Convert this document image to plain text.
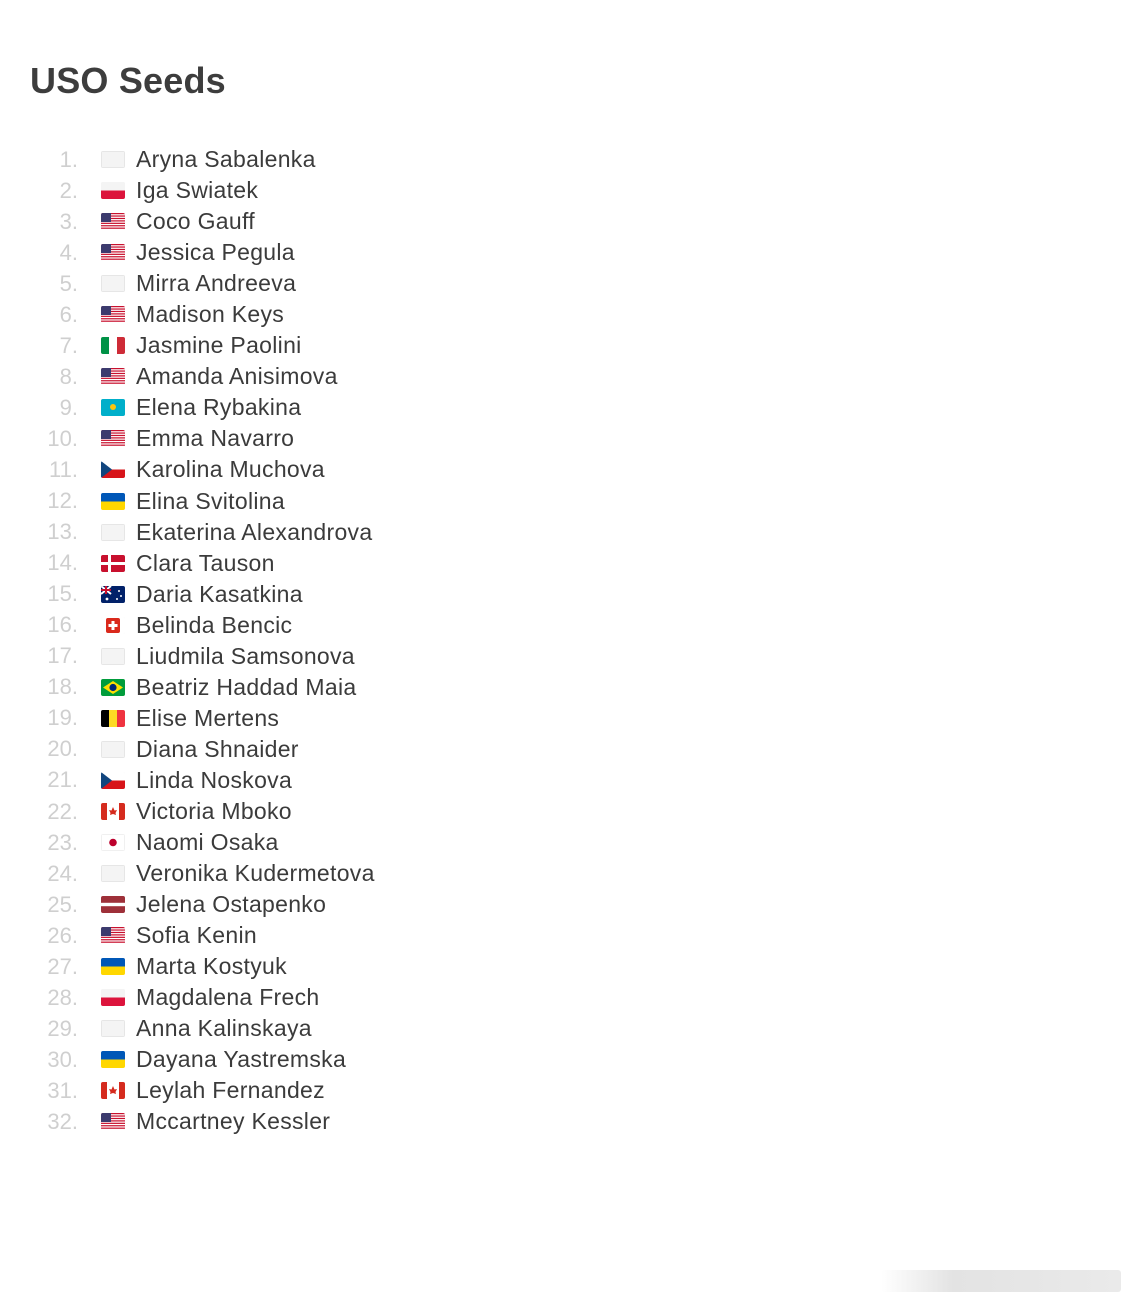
USO Seeds
1.	Aryna Sabalenka
2.	Iga Swiatek
3.	Coco Gauff
4.	Jessica Pegula
5.	Mirra Andreeva
6.	Madison Keys
7.	Jasmine Paolini
8.	Amanda Anisimova
9.	Elena Rybakina
10.	Emma Navarro
11.	Karolina Muchova
12.	Elina Svitolina
13.	Ekaterina Alexandrova
14.	Clara Tauson
15.	Daria Kasatkina
16.	Belinda Bencic
17.	Liudmila Samsonova
18.	Beatriz Haddad Maia
19.	Elise Mertens
20.	Diana Shnaider
21.	Linda Noskova
22.	Victoria Mboko
23.	Naomi Osaka
24.	Veronika Kudermetova
25.	Jelena Ostapenko
26.	Sofia Kenin
27.	Marta Kostyuk
28.	Magdalena Frech
29.	Anna Kalinskaya
30.	Dayana Yastremska
31.	Leylah Fernandez
32.	Mccartney Kessler
